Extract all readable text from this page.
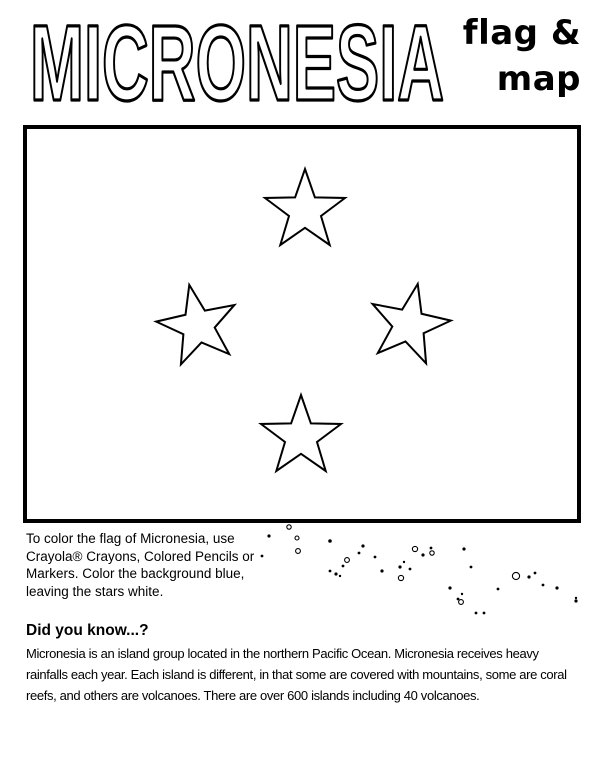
MICRONESIA flag &
map

To color the flag of Micronesia, use Crayola® Crayons, Colored Pencils or Markers. Color the background blue, leaving the stars white.

Did you know...?

Micronesia is an island group located in the northern Pacific Ocean. Micronesia receives heavy rainfalls each year. Each island is different, in that some are covered with mountains, some are coral reefs, and others are volcanoes. There are over 600 islands including 40 volcanoes.
